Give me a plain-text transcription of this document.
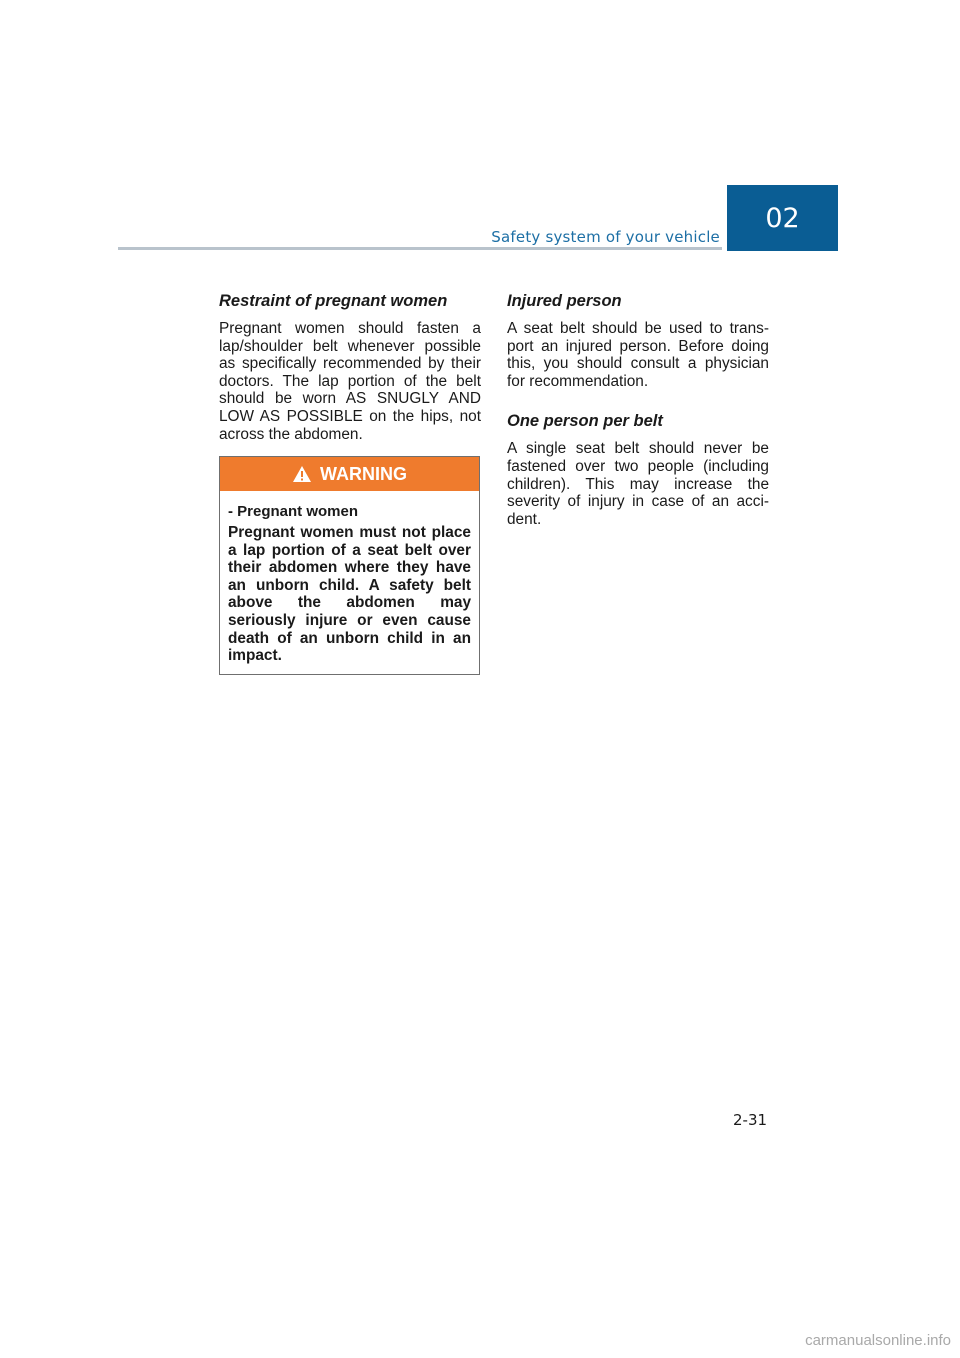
Safety system of your vehicle
02
Restraint of pregnant women

Pregnant women should fasten a lap/shoulder belt whenever possible as specifically recommended by their doctors. The lap portion of the belt should be worn AS SNUGLY AND LOW AS POSSIBLE on the hips, not across the abdomen.

WARNING

- Pregnant women

Pregnant women must not place a lap portion of a seat belt over their abdomen where they have an unborn child. A safety belt above the abdomen may seriously injure or even cause death of an unborn child in an impact.

Injured person

A seat belt should be used to trans-port an injured person. Before doing this, you should consult a physician for recommendation.

One person per belt

A single seat belt should never be fastened over two people (including children). This may increase the severity of injury in case of an acci-dent.

2-31
carmanualsonline.info
